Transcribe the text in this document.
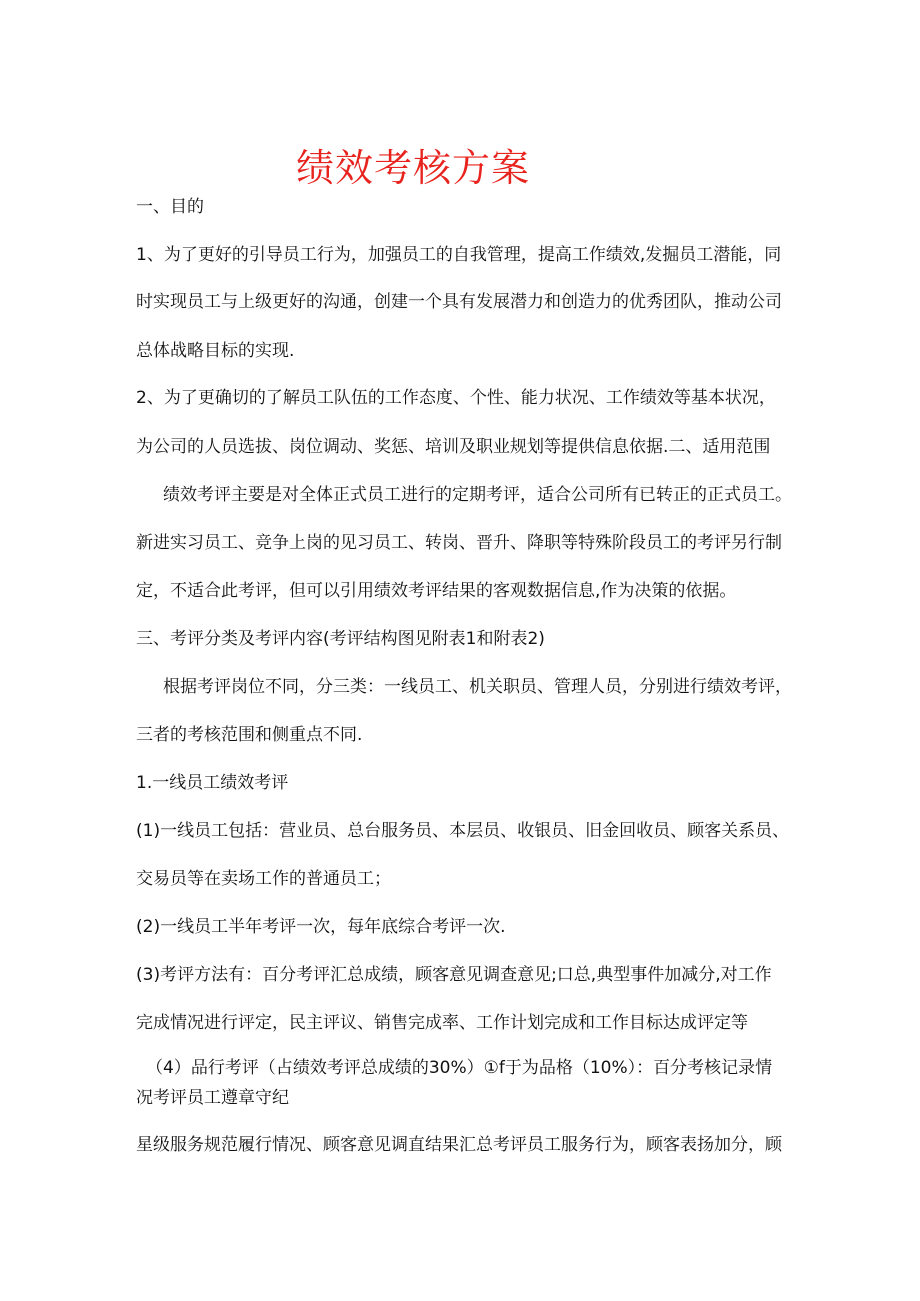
绩效考核方案
一、目的
1、为了更好的引导员工行为，加强员工的自我管理，提高工作绩效,发掘员工潜能，同
时实现员工与上级更好的沟通，创建一个具有发展潜力和创造力的优秀团队，推动公司
总体战略目标的实现.
2、为了更确切的了解员工队伍的工作态度、个性、能力状况、工作绩效等基本状况，
为公司的人员选拔、岗位调动、奖惩、培训及职业规划等提供信息依据.二、适用范围
绩效考评主要是对全体正式员工进行的定期考评，适合公司所有已转正的正式员工。
新进实习员工、竞争上岗的见习员工、转岗、晋升、降职等特殊阶段员工的考评另行制
定，不适合此考评，但可以引用绩效考评结果的客观数据信息,作为决策的依据。
三、考评分类及考评内容(考评结构图见附表1和附表2)
根据考评岗位不同，分三类：一线员工、机关职员、管理人员，分别进行绩效考评，
三者的考核范围和侧重点不同.
1.一线员工绩效考评
(1)一线员工包括：营业员、总台服务员、本层员、收银员、旧金回收员、顾客关系员、
交易员等在卖场工作的普通员工；
(2)一线员工半年考评一次，每年底综合考评一次.
(3)考评方法有：百分考评汇总成绩，顾客意见调查意见;口总,典型事件加减分,对工作
完成情况进行评定，民主评议、销售完成率、工作计划完成和工作目标达成评定等
（4）品行考评（占绩效考评总成绩的30%）①f于为品格（10%）：百分考核记录情
况考评员工遵章守纪
星级服务规范履行情况、顾客意见调直结果汇总考评员工服务行为，顾客表扬加分，顾
